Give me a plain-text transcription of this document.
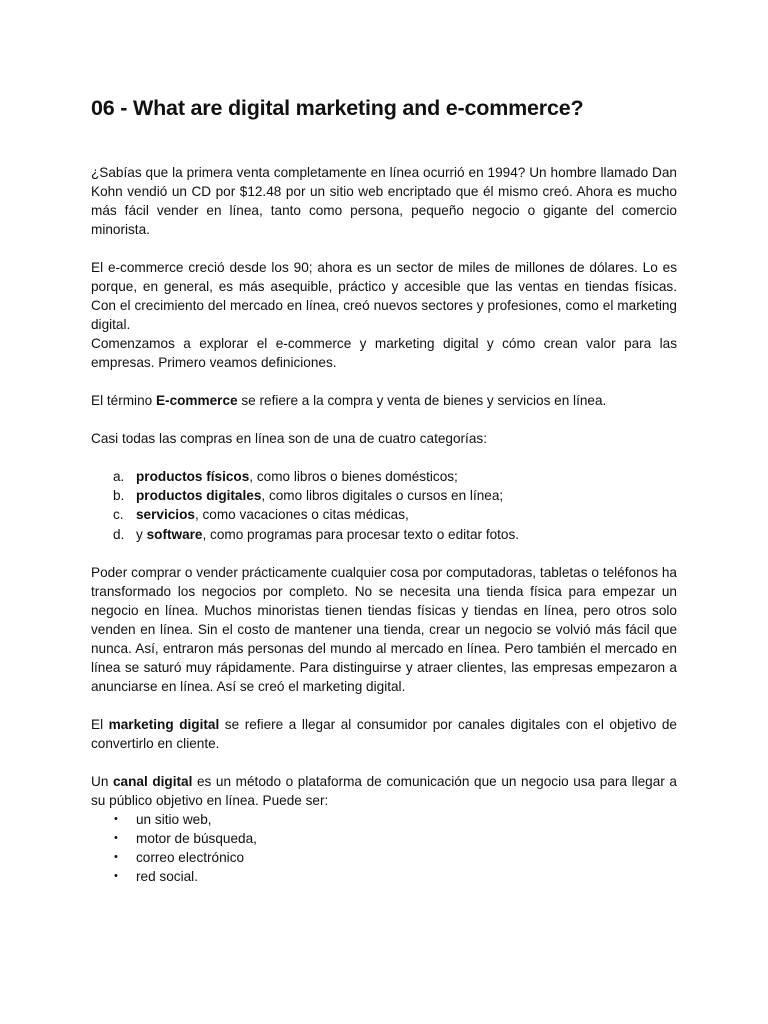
06 - What are digital marketing and e-commerce?

¿Sabías que la primera venta completamente en línea ocurrió en 1994? Un hombre llamado Dan Kohn vendió un CD por $12.48 por un sitio web encriptado que él mismo creó. Ahora es mucho más fácil vender en línea, tanto como persona, pequeño negocio o gigante del comercio minorista.

El e-commerce creció desde los 90; ahora es un sector de miles de millones de dólares. Lo es porque, en general, es más asequible, práctico y accesible que las ventas en tiendas físicas. Con el crecimiento del mercado en línea, creó nuevos sectores y profesiones, como el marketing digital.

Comenzamos a explorar el e-commerce y marketing digital y cómo crean valor para las empresas. Primero veamos definiciones.

El término E-commerce se refiere a la compra y venta de bienes y servicios en línea.

Casi todas las compras en línea son de una de cuatro categorías:

a. productos físicos, como libros o bienes domésticos;
b. productos digitales, como libros digitales o cursos en línea;
c. servicios, como vacaciones o citas médicas,
d. y software, como programas para procesar texto o editar fotos.

Poder comprar o vender prácticamente cualquier cosa por computadoras, tabletas o teléfonos ha transformado los negocios por completo. No se necesita una tienda física para empezar un negocio en línea. Muchos minoristas tienen tiendas físicas y tiendas en línea, pero otros solo venden en línea. Sin el costo de mantener una tienda, crear un negocio se volvió más fácil que nunca. Así, entraron más personas del mundo al mercado en línea. Pero también el mercado en línea se saturó muy rápidamente. Para distinguirse y atraer clientes, las empresas empezaron a anunciarse en línea. Así se creó el marketing digital.

El marketing digital se refiere a llegar al consumidor por canales digitales con el objetivo de convertirlo en cliente.

Un canal digital es un método o plataforma de comunicación que un negocio usa para llegar a su público objetivo en línea. Puede ser:

• un sitio web,
• motor de búsqueda,
• correo electrónico
• red social.
